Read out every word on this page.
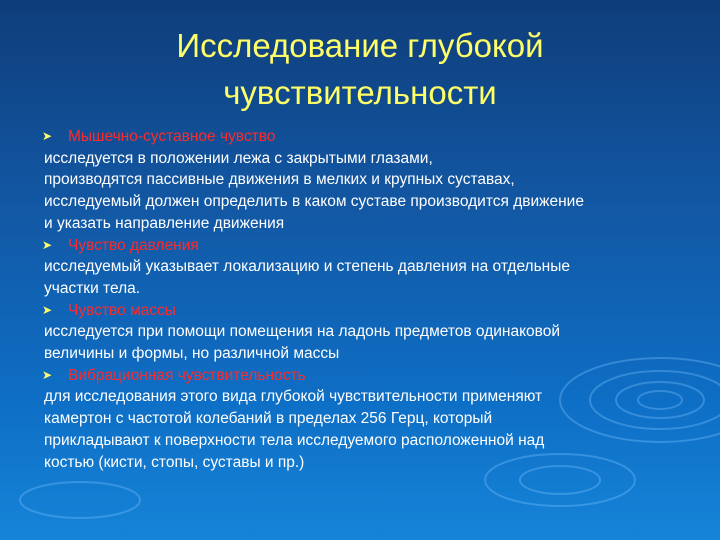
Исследование глубокой
чувствительности
➤	Мышечно-суставное чувство
исследуется в положении лежа с закрытыми глазами,
производятся пассивные движения в мелких и крупных суставах,
исследуемый должен определить в каком суставе производится движение
и указать направление движения
➤	Чувство давления
исследуемый указывает локализацию и степень давления на отдельные
участки тела.
➤	Чувство массы
исследуется при помощи помещения на ладонь предметов одинаковой
величины и формы, но различной массы
➤	Вибрационная чувствительность
для исследования этого вида глубокой чувствительности применяют
камертон с частотой колебаний в пределах 256 Герц, который
прикладывают к поверхности тела исследуемого расположенной над
костью (кисти, стопы, суставы и пр.)
